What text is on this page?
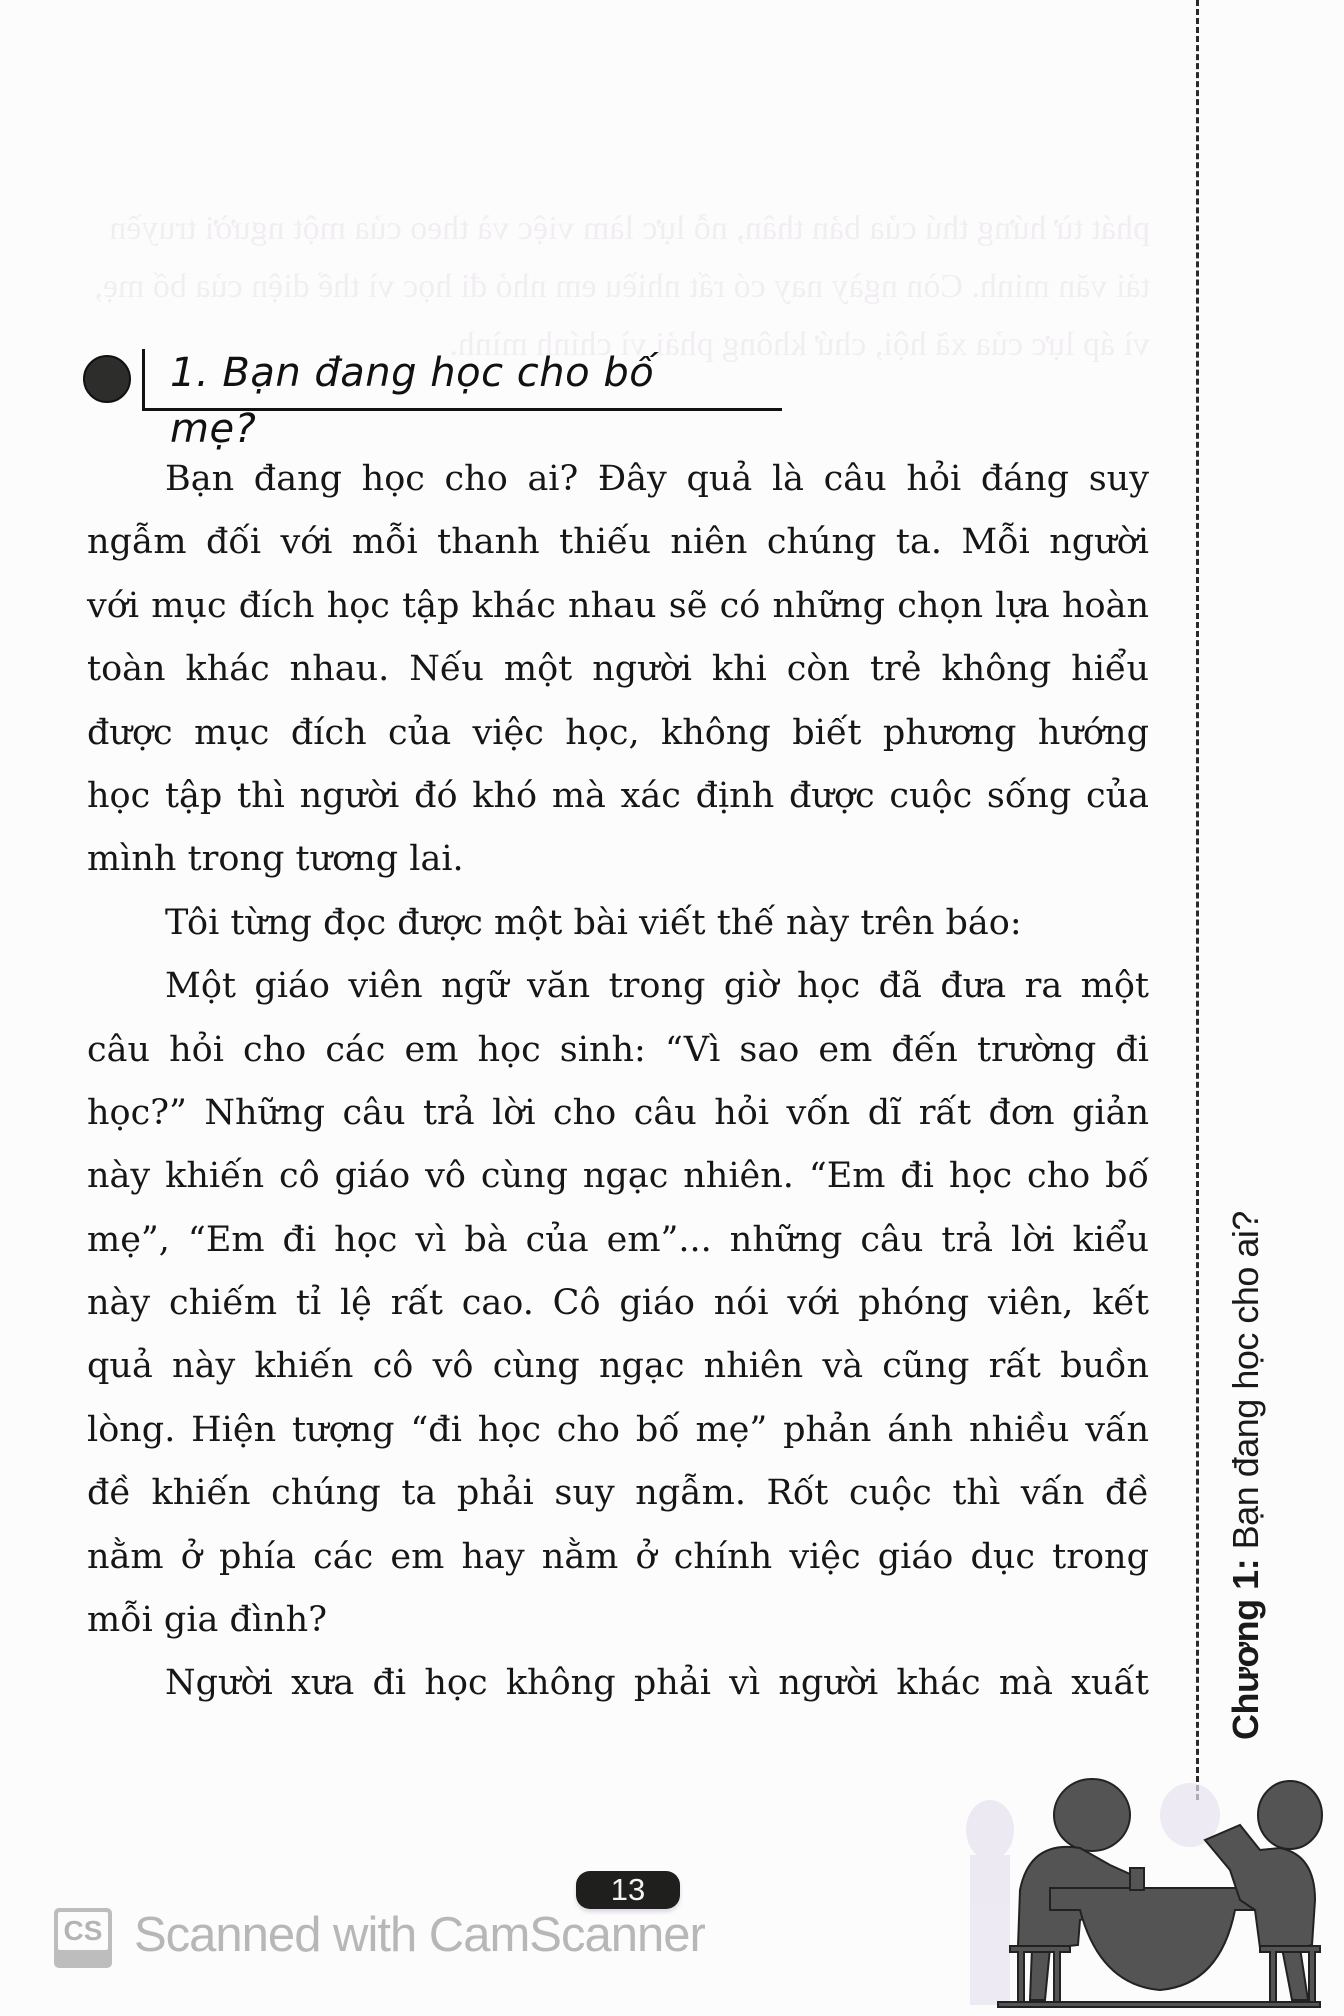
phát từ hứng thú của bản thân, nỗ lực làm việc và theo của một người truyền tải văn minh. Còn ngày nay có rất nhiều em nhỏ đi học vì thể diện của bố mẹ, vì áp lực của xã hội, chứ không phải vì chính mình.
1. Bạn đang học cho bố mẹ?
Bạn đang học cho ai? Đây quả là câu hỏi đáng suy
ngẫm đối với mỗi thanh thiếu niên chúng ta. Mỗi người
với mục đích học tập khác nhau sẽ có những chọn lựa hoàn
toàn khác nhau. Nếu một người khi còn trẻ không hiểu
được mục đích của việc học, không biết phương hướng
học tập thì người đó khó mà xác định được cuộc sống của
mình trong tương lai.
Tôi từng đọc được một bài viết thế này trên báo:
Một giáo viên ngữ văn trong giờ học đã đưa ra một
câu hỏi cho các em học sinh: “Vì sao em đến trường đi
học?” Những câu trả lời cho câu hỏi vốn dĩ rất đơn giản
này khiến cô giáo vô cùng ngạc nhiên. “Em đi học cho bố
mẹ”, “Em đi học vì bà của em”... những câu trả lời kiểu
này chiếm tỉ lệ rất cao. Cô giáo nói với phóng viên, kết
quả này khiến cô vô cùng ngạc nhiên và cũng rất buồn
lòng. Hiện tượng “đi học cho bố mẹ” phản ánh nhiều vấn
đề khiến chúng ta phải suy ngẫm. Rốt cuộc thì vấn đề
nằm ở phía các em hay nằm ở chính việc giáo dục trong
mỗi gia đình?
Người xưa đi học không phải vì người khác mà xuất Chương 1: Bạn đang học cho ai?
13
CS Scanned with CamScanner
